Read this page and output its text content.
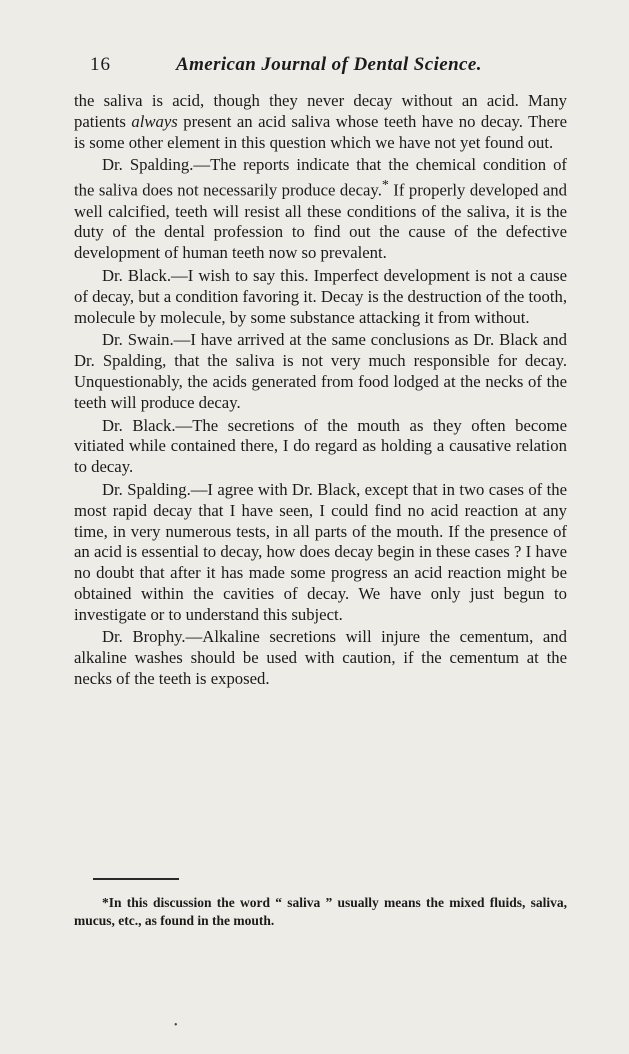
16	American Journal of Dental Science.

the saliva is acid, though they never decay without an acid. Many patients always present an acid saliva whose teeth have no decay. There is some other element in this question which we have not yet found out.

Dr. Spalding.—The reports indicate that the chemical condition of the saliva does not necessarily produce decay.* If properly developed and well calcified, teeth will resist all these conditions of the saliva, it is the duty of the dental profession to find out the cause of the defective development of human teeth now so prevalent.

Dr. Black.—I wish to say this. Imperfect development is not a cause of decay, but a condition favoring it. Decay is the destruction of the tooth, molecule by molecule, by some substance attacking it from without.

Dr. Swain.—I have arrived at the same conclusions as Dr. Black and Dr. Spalding, that the saliva is not very much responsible for decay. Unquestionably, the acids generated from food lodged at the necks of the teeth will produce decay.

Dr. Black.—The secretions of the mouth as they often become vitiated while contained there, I do regard as holding a causative relation to decay.

Dr. Spalding.—I agree with Dr. Black, except that in two cases of the most rapid decay that I have seen, I could find no acid reaction at any time, in very numerous tests, in all parts of the mouth. If the presence of an acid is essential to decay, how does decay begin in these cases ? I have no doubt that after it has made some progress an acid reaction might be obtained within the cavities of decay. We have only just begun to investigate or to understand this subject.

Dr. Brophy.—Alkaline secretions will injure the cementum, and alkaline washes should be used with caution, if the cementum at the necks of the teeth is exposed.

*In this discussion the word “ saliva ” usually means the mixed fluids, saliva, mucus, etc., as found in the mouth.

•
